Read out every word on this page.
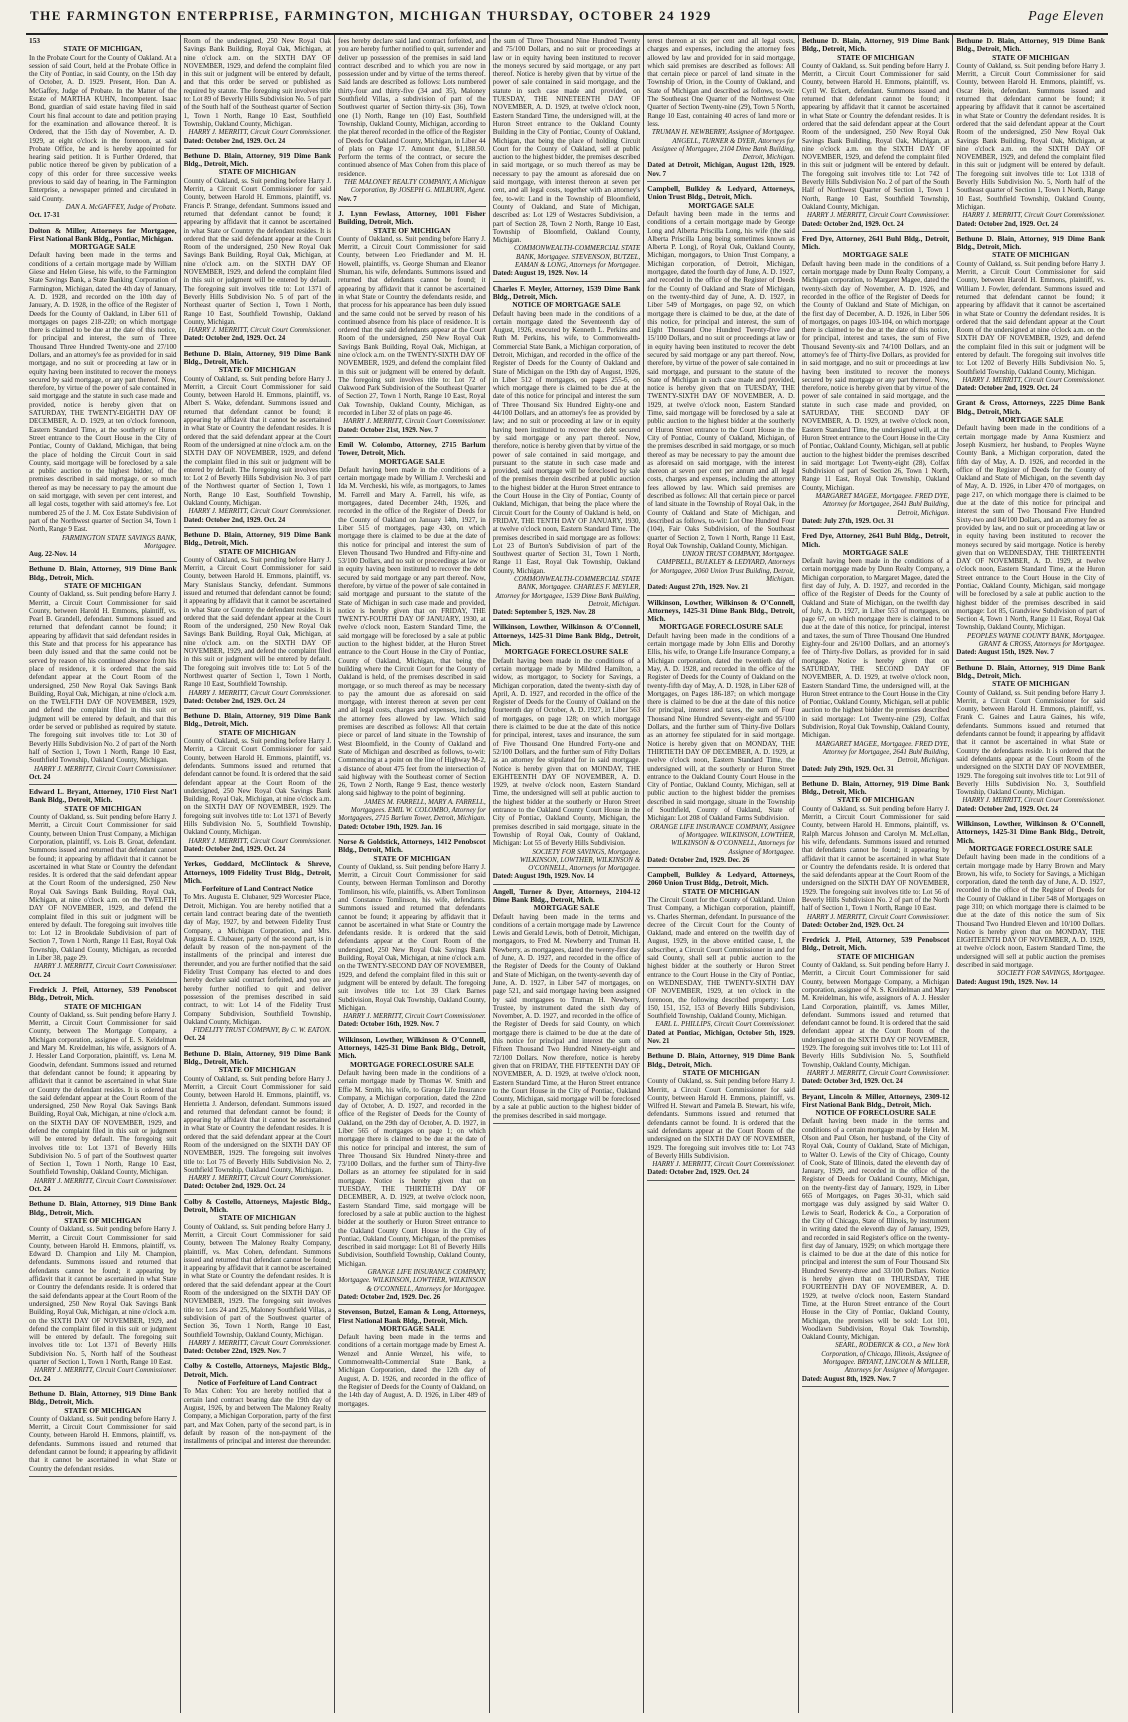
THE FARMINGTON ENTERPRISE, FARMINGTON, MICHIGAN THURSDAY, OCTOBER 24 1929	Page Eleven
153
STATE OF MICHIGAN,
In the Probate Court for the County of Oakland. At a session of said Court, held at the Probate Office in the City of Pontiac, in said County, on the 15th day of October, A. D. 1929. Present, Hon. Dan A. McGaffey, Judge of Probate. In the Matter of the Estate of MARTHA KUHN, Incompetent. Isaac Bond, guardian of said estate having filed in said Court his final account to date and petition praying for the examination and allowance thereof. It is Ordered, that the 15th day of November, A. D. 1929, at eight o'clock in the forenoon, at said Probate Office, be and is hereby appointed for hearing said petition. It is Further Ordered, that public notice thereof be given by publication of a copy of this order for three successive weeks previous to said day of hearing, in The Farmington Enterprise, a newspaper printed and circulated in said County.
DAN A. McGAFFEY, Judge of Probate.
Oct. 17-31
Dolton & Miller, Attorneys for Mortgagee, First National Bank Bldg., Pontiac, Michigan.
MORTGAGE SALE
Default having been made in the terms and conditions of a certain mortgage made by William Giese and Helen Giese, his wife, to the Farmington State Savings Bank, a State Banking Corporation of Farmington, Michigan, dated the 4th day of January, A. D. 1928, and recorded on the 10th day of January, A. D. 1928, in the office of the Register of Deeds for the County of Oakland, in Liber 611 of mortgages on pages 218-220; on which mortgage there is claimed to be due at the date of this notice, for principal and interest, the sum of Three Thousand Three Hundred Twenty-one and 27/100 Dollars, and an attorney's fee as provided for in said mortgage, and no suit or proceeding at law or in equity having been instituted to recover the moneys secured by said mortgage, or any part thereof. Now, therefore, by virtue of the power of sale contained in said mortgage and the statute in such case made and provided, notice is hereby given that on SATURDAY, THE TWENTY-EIGHTH DAY OF DECEMBER, A. D. 1929, at ten o'clock forenoon, Eastern Standard Time, at the southerly or Huron Street entrance to the Court House in the City of Pontiac, County of Oakland, Michigan, that being the place of holding the Circuit Court in said County, said mortgage will be foreclosed by a sale at public auction to the highest bidder, of the premises described in said mortgage, or so much thereof as may be necessary to pay the amount due on said mortgage, with seven per cent interest, and all legal costs, together with said attorney's fee. Lot numbered 25 of the J. M. Cox Estate Subdivision of part of the Northwest quarter of Section 34, Town 1 North, Range 9 East.
FARMINGTON STATE SAVINGS BANK, Mortgagee.
Aug. 22-Nov. 14
Bethune D. Blain, Attorney, 919 Dime Bank Bldg., Detroit, Mich.
STATE OF MICHIGAN
County of Oakland, ss. Suit pending before Harry J. Merritt, a Circuit Court Commissioner for said County, between Harold H. Emmons, plaintiff, vs. Pearl B. Grandell, defendant. Summons issued and returned that defendant cannot be found; it appearing by affidavit that said defendant resides in this State and that process for his appearance has been duly issued and that the same could not be served by reason of his continued absence from his place of residence, it is ordered that the said defendant appear at the Court Room of the undersigned, 250 New Royal Oak Savings Bank Building, Royal Oak, Michigan, at nine o'clock a.m. on the TWELFTH DAY OF NOVEMBER, 1929, and defend the complaint filed in this suit or judgment will be entered by default, and that this order be served or published as required by statute. The foregoing suit involves title to: Lot 30 of Beverly Hills Subdivision No. 2 of part of the North half of Section 1, Town 1 North, Range 10 East, Southfield Township, Oakland County, Michigan.
HARRY J. MERRITT, Circuit Court Commissioner.
Oct. 24
Edward L. Bryant, Attorney, 1710 First Nat'l Bank Bldg., Detroit, Mich.
STATE OF MICHIGAN
County of Oakland, ss. Suit pending before Harry J. Merritt, a Circuit Court Commissioner for said County, between Union Trust Company, a Michigan Corporation, plaintiff, vs. Lois B. Groat, defendant. Summons issued and returned that defendant cannot be found; it appearing by affidavit that it cannot be ascertained in what State or Country the defendant resides. It is ordered that the said defendant appear at the Court Room of the undersigned, 250 New Royal Oak Savings Bank Building, Royal Oak, Michigan, at nine o'clock a.m. on the TWELFTH DAY OF NOVEMBER, 1929, and defend the complaint filed in this suit or judgment will be entered by default. The foregoing suit involves title to: Lot 12 in Brookdale Subdivision of part of Section 7, Town 1 North, Range 11 East, Royal Oak Township, Oakland County, Michigan, as recorded in Liber 38, page 29.
HARRY J. MERRITT, Circuit Court Commissioner.
Oct. 24
Fredrick J. Pfeil, Attorney, 539 Penobscot Bldg., Detroit, Mich.
STATE OF MICHIGAN
County of Oakland, ss. Suit pending before Harry J. Merritt, a Circuit Court Commissioner for said County, between The Mortgage Company, a Michigan corporation, assignee of E. S. Keidelman and Mary M. Kreidelman, his wife, assignors of A. J. Hessler Land Corporation, plaintiff, vs. Lena M. Goodwin, defendant. Summons issued and returned that defendant cannot be found; it appearing by affidavit that it cannot be ascertained in what State or Country the defendant resides. It is ordered that the said defendant appear at the Court Room of the undersigned, 250 New Royal Oak Savings Bank Building, Royal Oak, Michigan, at nine o'clock a.m. on the SIXTH DAY OF NOVEMBER, 1929, and defend the complaint filed in this suit or judgment will be entered by default. The foregoing suit involves title to: Lot 1371 of Beverly Hills Subdivision No. 5 of part of the Southwest quarter of Section 1, Town 1 North, Range 10 East, Southfield Township, Oakland County, Michigan.
HARRY J. MERRITT, Circuit Court Commissioner.
Oct. 24
Bethune D. Blain, Attorney, 919 Dime Bank Bldg., Detroit, Mich.
STATE OF MICHIGAN
County of Oakland, ss. Suit pending before Harry J. Merritt, a Circuit Court Commissioner for said County, between Harold H. Emmons, plaintiff, vs. Edward D. Champion and Lily M. Champion, defendants. Summons issued and returned that defendants cannot be found; it appearing by affidavit that it cannot be ascertained in what State or Country the defendants reside. It is ordered that the said defendants appear at the Court Room of the undersigned, 250 New Royal Oak Savings Bank Building, Royal Oak, Michigan, at nine o'clock a.m. on the SIXTH DAY OF NOVEMBER, 1929, and defend the complaint filed in this suit or judgment will be entered by default. The foregoing suit involves title to: Lot 1371 of Beverly Hills Subdivision No. 5, North half of the Southeast quarter of Section 1, Town 1 North, Range 10 East.
HARRY J. MERRITT, Circuit Court Commissioner.
Oct. 24
Bethune D. Blain, Attorney, 919 Dime Bank Bldg., Detroit, Mich.
STATE OF MICHIGAN
County of Oakland, ss. Suit pending before Harry J. Merritt, a Circuit Court Commissioner for said County, between Harold H. Emmons, plaintiff, vs. defendants. Summons issued and returned that defendant cannot be found; it appearing by affidavit that it cannot be ascertained in what State or Country the defendant resides.
Room of the undersigned, 250 New Royal Oak Savings Bank Building, Royal Oak, Michigan, at nine o'clock a.m. on the SIXTH DAY OF NOVEMBER, 1929, and defend the complaint filed in this suit or judgment will be entered by default, and that this order be served or published as required by statute. The foregoing suit involves title to: Lot 89 of Beverly Hills Subdivision No. 5 of part of the South half of the Southeast quarter of Section 1, Town 1 North, Range 10 East, Southfield Township, Oakland County, Michigan.
HARRY J. MERRITT, Circuit Court Commissioner.
Dated: October 2nd, 1929. Oct. 24
Bethune D. Blain, Attorney, 919 Dime Bank Bldg., Detroit, Mich.
STATE OF MICHIGAN
County of Oakland, ss. Suit pending before Harry J. Merritt, a Circuit Court Commissioner for said County, between Harold H. Emmons, plaintiff, vs. Francis P. Strange, defendant. Summons issued and returned that defendant cannot be found; it appearing by affidavit that it cannot be ascertained in what State or Country the defendant resides. It is ordered that the said defendant appear at the Court Room of the undersigned, 250 New Royal Oak Savings Bank Building, Royal Oak, Michigan, at nine o'clock a.m. on the SIXTH DAY OF NOVEMBER, 1929, and defend the complaint filed in this suit or judgment will be entered by default. The foregoing suit involves title to: Lot 1371 of Beverly Hills Subdivision No. 5 of part of the Northeast quarter of Section 1, Town 1 North, Range 10 East, Southfield Township, Oakland County, Michigan.
HARRY J. MERRITT, Circuit Court Commissioner.
Dated: October 2nd, 1929. Oct. 24
Bethune D. Blain, Attorney, 919 Dime Bank Bldg., Detroit, Mich.
STATE OF MICHIGAN
County of Oakland, ss. Suit pending before Harry J. Merritt, a Circuit Court Commissioner for said County, between Harold H. Emmons, plaintiff, vs. Albert S. Wake, defendant. Summons issued and returned that defendant cannot be found; it appearing by affidavit that it cannot be ascertained in what State or Country the defendant resides. It is ordered that the said defendant appear at the Court Room of the undersigned at nine o'clock a.m. on the SIXTH DAY OF NOVEMBER, 1929, and defend the complaint filed in this suit or judgment will be entered by default. The foregoing suit involves title to: Lot 2 of Beverly Hills Subdivision No. 3 of part of the Northwest quarter of Section 1, Town 1 North, Range 10 East, Southfield Township, Oakland County, Michigan.
HARRY J. MERRITT, Circuit Court Commissioner.
Dated: October 2nd, 1929. Oct. 24
Bethune D. Blain, Attorney, 919 Dime Bank Bldg., Detroit, Mich.
STATE OF MICHIGAN
County of Oakland, ss. Suit pending before Harry J. Merritt, a Circuit Court Commissioner for said County, between Harold H. Emmons, plaintiff, vs. Mary Stanislaus Stancky, defendant. Summons issued and returned that defendant cannot be found; it appearing by affidavit that it cannot be ascertained in what State or Country the defendant resides. It is ordered that the said defendant appear at the Court Room of the undersigned, 250 New Royal Oak Savings Bank Building, Royal Oak, Michigan, at nine o'clock a.m. on the SIXTH DAY OF NOVEMBER, 1929, and defend the complaint filed in this suit or judgment will be entered by default. The foregoing suit involves title to: Lot 5 of the Northwest quarter of Section 1, Town 1 North, Range 10 East, Southfield Township.
HARRY J. MERRITT, Circuit Court Commissioner.
Dated: October 2nd, 1929. Oct. 24
Bethune D. Blain, Attorney, 919 Dime Bank Bldg., Detroit, Mich.
STATE OF MICHIGAN
County of Oakland, ss. Suit pending before Harry J. Merritt, a Circuit Court Commissioner for said County, between Harold H. Emmons, plaintiff, vs. defendants. Summons issued and returned that defendant cannot be found. It is ordered that the said defendant appear at the Court Room of the undersigned, 250 New Royal Oak Savings Bank Building, Royal Oak, Michigan, at nine o'clock a.m. on the SIXTH DAY OF NOVEMBER, 1929. The foregoing suit involves title to: Lot 1371 of Beverly Hills Subdivision No. 5, Southfield Township, Oakland County, Michigan.
HARRY J. MERRITT, Circuit Court Commissioner.
Dated: October 2nd, 1929. Oct. 24
Yerkes, Goddard, McClintock & Shreve, Attorneys, 1009 Fidelity Trust Bldg., Detroit, Mich.
Forfeiture of Land Contract Notice
To Mrs. Augusta E. Clubauer, 929 Worcester Place, Detroit, Michigan. You are hereby notified that a certain land contract bearing date of the twentieth day of May, 1927, by and between Fidelity Trust Company, a Michigan Corporation, and Mrs. Augusta E. Clubauer, party of the second part, is in default by reason of the non-payment of the installments of the principal and interest due thereunder, and you are further notified that the said Fidelity Trust Company has elected to and does hereby declare said contract forfeited, and you are hereby further notified to quit and deliver possession of the premises described in said contract, to wit: Lot 14 of the Fidelity Trust Company Subdivision, Southfield Township, Oakland County, Michigan.
FIDELITY TRUST COMPANY, By C. W. EATON.
Oct. 24
Bethune D. Blain, Attorney, 919 Dime Bank Bldg., Detroit, Mich.
STATE OF MICHIGAN
County of Oakland, ss. Suit pending before Harry J. Merritt, a Circuit Court Commissioner for said County, between Harold H. Emmons, plaintiff, vs. Henrietta J. Anderson, defendant. Summons issued and returned that defendant cannot be found; it appearing by affidavit that it cannot be ascertained in what State or Country the defendant resides. It is ordered that the said defendant appear at the Court Room of the undersigned on the SIXTH DAY OF NOVEMBER, 1929. The foregoing suit involves title to: Lot 75 of Beverly Hills Subdivision No. 2, Southfield Township, Oakland County, Michigan.
HARRY J. MERRITT, Circuit Court Commissioner.
Dated: October 2nd, 1929. Oct. 24
Colby & Costello, Attorneys, Majestic Bldg., Detroit, Mich.
STATE OF MICHIGAN
County of Oakland, ss. Suit pending before Harry J. Merritt, a Circuit Court Commissioner for said County, between The Maloney Realty Company, plaintiff, vs. Max Cohen, defendant. Summons issued and returned that defendant cannot be found; it appearing by affidavit that it cannot be ascertained in what State or Country the defendant resides. It is ordered that the said defendant appear at the Court Room of the undersigned on the SIXTH DAY OF NOVEMBER, 1929. The foregoing suit involves title to: Lots 24 and 25, Maloney Southfield Villas, a subdivision of part of the Southwest quarter of Section 36, Town 1 North, Range 10 East, Southfield Township, Oakland County, Michigan.
HARRY J. MERRITT, Circuit Court Commissioner.
Dated: October 22nd, 1929. Nov. 7
Colby & Costello, Attorneys, Majestic Bldg., Detroit, Mich.
Notice of Forfeiture of Land Contract
To Max Cohen: You are hereby notified that a certain land contract bearing date the 19th day of August, 1926, by and between The Maloney Realty Company, a Michigan Corporation, party of the first part, and Max Cohen, party of the second part, is in default by reason of the non-payment of the installments of principal and interest due thereunder.
fees hereby declare said land contract forfeited, and you are hereby further notified to quit, surrender and deliver up possession of the premises in said land contract described and to which you are now in possession under and by virtue of the terms thereof. Said lands are described as follows: Lots numbered thirty-four and thirty-five (34 and 35), Maloney Southfield Villas, a subdivision of part of the Southwest quarter of Section thirty-six (36), Town one (1) North, Range ten (10) East, Southfield Township, Oakland County, Michigan, according to the plat thereof recorded in the office of the Register of Deeds for Oakland County, Michigan, in Liber 44 of plats on Page 17. Amount due, $1,188.50. Perform the terms of the contract, or secure the continued absence of Max Cohen from this place of residence.
THE MALONEY REALTY COMPANY, A Michigan Corporation, By JOSEPH G. MILBURN, Agent.
Nov. 7
J. Lynn Fewlass, Attorney, 1001 Fisher Building, Detroit, Mich.
STATE OF MICHIGAN
County of Oakland, ss. Suit pending before Harry J. Merritt, a Circuit Court Commissioner for said County, between Leo Friedlander and M. H. Howell, plaintiffs, vs. George Shuman and Eleanor Shuman, his wife, defendants. Summons issued and returned that defendants cannot be found; it appearing by affidavit that it cannot be ascertained in what State or Country the defendants reside, and that process for his appearance has been duly issued and the same could not be served by reason of his continued absence from his place of residence. It is ordered that the said defendants appear at the Court Room of the undersigned, 250 New Royal Oak Savings Bank Building, Royal Oak, Michigan, at nine o'clock a.m. on the TWENTY-SIXTH DAY OF NOVEMBER, 1929, and defend the complaint filed in this suit or judgment will be entered by default. The foregoing suit involves title to: Lot 72 of Oakwood Park Subdivision of the Southeast Quarter of Section 27, Town 1 North, Range 10 East, Royal Oak Township, Oakland County, Michigan, as recorded in Liber 32 of plats on page 46.
HARRY J. MERRITT, Circuit Court Commissioner.
Dated: October 21st, 1929. Nov. 7
Emil W. Colombo, Attorney, 2715 Barlum Tower, Detroit, Mich.
MORTGAGE SALE
Default having been made in the conditions of a certain mortgage made by William J. Vercheski and Ida M. Vercheski, his wife, as mortgagors, to James M. Farrell and Mary A. Farrell, his wife, as mortgagees, dated December 24th, 1926, and recorded in the office of the Register of Deeds for the County of Oakland on January 14th, 1927, in Liber 515 of mortgages, page 430, on which mortgage there is claimed to be due at the date of this notice for principal and interest the sum of Eleven Thousand Two Hundred and Fifty-nine and 53/100 Dollars, and no suit or proceedings at law or in equity having been instituted to recover the debt secured by said mortgage or any part thereof. Now, therefore, by virtue of the power of sale contained in said mortgage and pursuant to the statute of the State of Michigan in such case made and provided, notice is hereby given that on FRIDAY, THE TWENTY-FOURTH DAY OF JANUARY, 1930, at twelve o'clock noon, Eastern Standard Time, the said mortgage will be foreclosed by a sale at public auction to the highest bidder, at the Huron Street entrance to the Court House in the City of Pontiac, County of Oakland, Michigan, that being the building where the Circuit Court for the County of Oakland is held, of the premises described in said mortgage, or so much thereof as may be necessary to pay the amount due as aforesaid on said mortgage, with interest thereon at seven per cent and all legal costs, charges and expenses, including the attorney fees allowed by law. Which said premises are described as follows: All that certain piece or parcel of land situate in the Township of West Bloomfield, in the County of Oakland and State of Michigan and described as follows, to-wit: Commencing at a point on the line of Highway M-2, a distance of about 475 feet from the intersection of said highway with the Southeast corner of Section 26, Town 2 North, Range 9 East, thence westerly along said highway to the point of beginning.
JAMES M. FARRELL, MARY A. FARRELL, Mortgagees. EMIL W. COLOMBO, Attorney for Mortgagees, 2715 Barlum Tower, Detroit, Michigan.
Dated: October 19th, 1929. Jan. 16
Norse & Goldstick, Attorneys, 1412 Penobscot Bldg., Detroit, Mich.
STATE OF MICHIGAN
County of Oakland, ss. Suit pending before Harry J. Merritt, a Circuit Court Commissioner for said County, between Herman Tomlinson and Dorothy Tomlinson, his wife, plaintiffs, vs. Albert Tomlinson and Constance Tomlinson, his wife, defendants. Summons issued and returned that defendants cannot be found; it appearing by affidavit that it cannot be ascertained in what State or Country the defendants reside. It is ordered that the said defendants appear at the Court Room of the undersigned, 250 New Royal Oak Savings Bank Building, Royal Oak, Michigan, at nine o'clock a.m. on the TWENTY-SECOND DAY OF NOVEMBER, 1929, and defend the complaint filed in this suit or judgment will be entered by default. The foregoing suit involves title to: Lot 39 Clark Barnes Subdivision, Royal Oak Township, Oakland County, Michigan.
HARRY J. MERRITT, Circuit Court Commissioner.
Dated: October 16th, 1929. Nov. 7
Wilkinson, Lowther, Wilkinson & O'Connell, Attorneys, 1425-31 Dime Bank Bldg., Detroit, Mich.
MORTGAGE FORECLOSURE SALE
Default having been made in the conditions of a certain mortgage made by Thomas W. Smith and Effie M. Smith, his wife, to Grange Life Insurance Company, a Michigan corporation, dated the 22nd day of October, A. D. 1927, and recorded in the office of the Register of Deeds for the County of Oakland, on the 29th day of October, A. D. 1927, in Liber 565 of mortgages on page 1; on which mortgage there is claimed to be due at the date of this notice for principal and interest, the sum of Three Thousand Six Hundred Ninety-three and 73/100 Dollars, and the further sum of Thirty-five Dollars as an attorney fee stipulated for in said mortgage. Notice is hereby given that on TUESDAY, THE THIRTIETH DAY OF DECEMBER, A. D. 1929, at twelve o'clock noon, Eastern Standard Time, said mortgage will be foreclosed by a sale at public auction to the highest bidder at the southerly or Huron Street entrance to the Oakland County Court House in the City of Pontiac, Oakland County, Michigan, of the premises described in said mortgage: Lot 81 of Beverly Hills Subdivision, Southfield Township, Oakland County, Michigan.
GRANGE LIFE INSURANCE COMPANY, Mortgagee. WILKINSON, LOWTHER, WILKINSON & O'CONNELL, Attorneys for Mortgagee.
Dated: October 2nd, 1929. Dec. 26
Stevenson, Butzel, Eaman & Long, Attorneys, First National Bank Bldg., Detroit, Mich.
MORTGAGE SALE
Default having been made in the terms and conditions of a certain mortgage made by Ernest A. Wenzel and Annie Wenzel, his wife, to Commonwealth-Commercial State Bank, a Michigan Corporation, dated the 12th day of August, A. D. 1926, and recorded in the office of the Register of Deeds for the County of Oakland, on the 14th day of August, A. D. 1926, in Liber 489 of mortgages.
the sum of Three Thousand Nine Hundred Twenty and 75/100 Dollars, and no suit or proceedings at law or in equity having been instituted to recover the moneys secured by said mortgage, or any part thereof. Notice is hereby given that by virtue of the power of sale contained in said mortgage, and the statute in such case made and provided, on TUESDAY, THE NINETEENTH DAY OF NOVEMBER, A. D. 1929, at twelve o'clock noon, Eastern Standard Time, the undersigned will, at the Huron Street entrance to the Oakland County Building in the City of Pontiac, County of Oakland, Michigan, that being the place of holding Circuit Court for the County of Oakland, sell at public auction to the highest bidder, the premises described in said mortgage, or so much thereof as may be necessary to pay the amount as aforesaid due on said mortgage, with interest thereon at seven per cent, and all legal costs, together with an attorney's fee, to-wit: Land in the Township of Bloomfield, County of Oakland, and State of Michigan, described as: Lot 129 of Westacres Subdivision, a part of Section 28, Town 2 North, Range 10 East, Township of Bloomfield, Oakland County, Michigan.
COMMONWEALTH-COMMERCIAL STATE BANK, Mortgagee. STEVENSON, BUTZEL, EAMAN & LONG, Attorneys for Mortgagee.
Dated: August 19, 1929. Nov. 14
Charles F. Meyler, Attorney, 1539 Dime Bank Bldg., Detroit, Mich.
NOTICE OF MORTGAGE SALE
Default having been made in the conditions of a certain mortgage dated the Seventeenth day of August, 1926, executed by Kenneth L. Perkins and Ruth M. Perkins, his wife, to Commonwealth-Commercial State Bank, a Michigan corporation, of Detroit, Michigan, and recorded in the office of the Register of Deeds for the County of Oakland and State of Michigan on the 19th day of August, 1926, in Liber 512 of mortgages, on pages 255-6, on which mortgage there is claimed to be due at the date of this notice for principal and interest the sum of Three Thousand Six Hundred Eighty-one and 44/100 Dollars, and an attorney's fee as provided by law; and no suit or proceeding at law or in equity having been instituted to recover the debt secured by said mortgage or any part thereof. Now, therefore, notice is hereby given that by virtue of the power of sale contained in said mortgage, and pursuant to the statute in such case made and provided, said mortgage will be foreclosed by sale of the premises therein described at public auction to the highest bidder at the Huron Street entrance to the Court House in the City of Pontiac, County of Oakland, Michigan, that being the place where the Circuit Court for the County of Oakland is held, on FRIDAY, THE TENTH DAY OF JANUARY, 1930, at twelve o'clock noon, Eastern Standard Time. The premises described in said mortgage are as follows: Lot 23 of Burton's Subdivision of part of the Southwest quarter of Section 31, Town 1 North, Range 11 East, Royal Oak Township, Oakland County, Michigan.
COMMONWEALTH-COMMERCIAL STATE BANK, Mortgagee. CHARLES F. MEYLER, Attorney for Mortgagee, 1539 Dime Bank Building, Detroit, Michigan.
Dated: September 5, 1929. Nov. 28
Wilkinson, Lowther, Wilkinson & O'Connell, Attorneys, 1425-31 Dime Bank Bldg., Detroit, Mich.
MORTGAGE FORECLOSURE SALE
Default having been made in the conditions of a certain mortgage made by Mildred Hamilton, a widow, as mortgagor, to Society for Savings, a Michigan corporation, dated the twenty-sixth day of April, A. D. 1927, and recorded in the office of the Register of Deeds for the County of Oakland on the fourteenth day of October, A. D. 1927, in Liber 563 of mortgages, on page 128; on which mortgage there is claimed to be due at the date of this notice for principal, interest, taxes and insurance, the sum of Five Thousand One Hundred Forty-one and 52/100 Dollars, and the further sum of Fifty Dollars as an attorney fee stipulated for in said mortgage. Notice is hereby given that on MONDAY, THE EIGHTEENTH DAY OF NOVEMBER, A. D. 1929, at twelve o'clock noon, Eastern Standard Time, the undersigned will sell at public auction to the highest bidder at the southerly or Huron Street entrance to the Oakland County Court House in the City of Pontiac, Oakland County, Michigan, the premises described in said mortgage, situate in the Township of Royal Oak, County of Oakland, Michigan: Lot 55 of Beverly Hills Subdivision.
SOCIETY FOR SAVINGS, Mortgagee. WILKINSON, LOWTHER, WILKINSON & O'CONNELL, Attorneys for Mortgagee.
Dated: August 19th, 1929. Nov. 14
Angell, Turner & Dyer, Attorneys, 2104-12 Dime Bank Bldg., Detroit, Mich.
MORTGAGE SALE
Default having been made in the terms and conditions of a certain mortgage made by Lawrence Lewis and Gerald Lewis, both of Detroit, Michigan, mortgagors, to Fred M. Newberry and Truman H. Newberry, as mortgagees, dated the twenty-first day of June, A. D. 1927, and recorded in the office of the Register of Deeds for the County of Oakland and State of Michigan, on the twenty-seventh day of June, A. D. 1927, in Liber 547 of mortgages, on page 521, and said mortgage having been assigned by said mortgagees to Truman H. Newberry, Trustee, by instrument dated the sixth day of November, A. D. 1927, and recorded in the office of the Register of Deeds for said County, on which mortgage there is claimed to be due at the date of this notice for principal and interest the sum of Fifteen Thousand Two Hundred Ninety-eight and 72/100 Dollars. Now therefore, notice is hereby given that on FRIDAY, THE FIFTEENTH DAY OF NOVEMBER, A. D. 1929, at twelve o'clock noon, Eastern Standard Time, at the Huron Street entrance to the Court House in the City of Pontiac, Oakland County, Michigan, said mortgage will be foreclosed by a sale at public auction to the highest bidder of the premises described in said mortgage.
terest thereon at six per cent and all legal costs, charges and expenses, including the attorney fees allowed by law and provided for in said mortgage, which said premises are described as follows: All that certain piece or parcel of land situate in the Township of Orion, in the County of Oakland, and State of Michigan and described as follows, to-wit: The Southeast One Quarter of the Northwest One Quarter of Section Twenty-nine (29), Town 5 North, Range 10 East, containing 40 acres of land more or less.
TRUMAN H. NEWBERRY, Assignee of Mortgagee. ANGELL, TURNER & DYER, Attorneys for Assignee of Mortgagee, 2104 Dime Bank Building, Detroit, Michigan.
Dated at Detroit, Michigan, August 12th, 1929. Nov. 7
Campbell, Bulkley & Ledyard, Attorneys, Union Trust Bldg., Detroit, Mich.
MORTGAGE SALE
Default having been made in the terms and conditions of a certain mortgage made by George Long and Alberta Priscilla Long, his wife (the said Alberta Priscilla Long being sometimes known as Alberta P. Long), of Royal Oak, Oakland County, Michigan, mortgagors, to Union Trust Company, a Michigan corporation, of Detroit, Michigan, mortgagee, dated the fourth day of June, A. D. 1927, and recorded in the office of the Register of Deeds for the County of Oakland and State of Michigan, on the twenty-third day of June, A. D. 1927, in Liber 549 of Mortgages, on page 92, on which mortgage there is claimed to be due, at the date of this notice, for principal and interest, the sum of Eight Thousand One Hundred Twenty-five and 15/100 Dollars, and no suit or proceedings at law or in equity having been instituted to recover the debt secured by said mortgage or any part thereof. Now, therefore, by virtue of the power of sale contained in said mortgage, and pursuant to the statute of the State of Michigan in such case made and provided, notice is hereby given that on TUESDAY, THE TWENTY-SIXTH DAY OF NOVEMBER, A. D. 1929, at twelve o'clock noon, Eastern Standard Time, said mortgage will be foreclosed by a sale at public auction to the highest bidder at the southerly or Huron Street entrance to the Court House in the City of Pontiac, County of Oakland, Michigan, of the premises described in said mortgage, or so much thereof as may be necessary to pay the amount due as aforesaid on said mortgage, with the interest thereon at seven per cent per annum and all legal costs, charges and expenses, including the attorney fees allowed by law. Which said premises are described as follows: All that certain piece or parcel of land situate in the Township of Royal Oak, in the County of Oakland and State of Michigan, and described as follows, to-wit: Lot One Hundred Four (104), Fair Oaks Subdivision, of the Southeast quarter of Section 2, Town 1 North, Range 11 East, Royal Oak Township, Oakland County, Michigan.
UNION TRUST COMPANY, Mortgagee. CAMPBELL, BULKLEY & LEDYARD, Attorneys for Mortgagee, 2060 Union Trust Building, Detroit, Michigan.
Dated: August 27th, 1929. Nov. 21
Wilkinson, Lowther, Wilkinson & O'Connell, Attorneys, 1425-31 Dime Bank Bldg., Detroit, Mich.
MORTGAGE FORECLOSURE SALE
Default having been made in the conditions of a certain mortgage made by John Ellis and Dorothy Ellis, his wife, to Orange Life Insurance Company, a Michigan corporation, dated the twentieth day of May, A. D. 1928, and recorded in the office of the Register of Deeds for the County of Oakland on the twenty-fifth day of May, A. D. 1928, in Liber 628 of Mortgages, on Pages 186-187; on which mortgage there is claimed to be due at the date of this notice for principal, interest and taxes, the sum of Four Thousand Nine Hundred Seventy-eight and 95/100 Dollars, and the further sum of Thirty-five Dollars as an attorney fee stipulated for in said mortgage. Notice is hereby given that on MONDAY, THE THIRTIETH DAY OF DECEMBER, A. D. 1929, at twelve o'clock noon, Eastern Standard Time, the undersigned will, at the southerly or Huron Street entrance to the Oakland County Court House in the City of Pontiac, Oakland County, Michigan, sell at public auction to the highest bidder the premises described in said mortgage, situate in the Township of Southfield, County of Oakland, State of Michigan: Lot 208 of Oakland Farms Subdivision.
ORANGE LIFE INSURANCE COMPANY, Assignee of Mortgagee. WILKINSON, LOWTHER, WILKINSON & O'CONNELL, Attorneys for Assignee of Mortgagee.
Dated: October 2nd, 1929. Dec. 26
Campbell, Bulkley & Ledyard, Attorneys, 2060 Union Trust Bldg., Detroit, Mich.
STATE OF MICHIGAN
The Circuit Court for the County of Oakland. Union Trust Company, a Michigan corporation, plaintiff, vs. Charles Sherman, defendant. In pursuance of the decree of the Circuit Court for the County of Oakland, made and entered on the twelfth day of August, 1929, in the above entitled cause, I, the subscriber, a Circuit Court Commissioner in and for said County, shall sell at public auction to the highest bidder at the southerly or Huron Street entrance to the Court House in the City of Pontiac, on WEDNESDAY, THE TWENTY-SIXTH DAY OF NOVEMBER, 1929, at ten o'clock in the forenoon, the following described property: Lots 150, 151, 152, 153 of Beverly Hills Subdivision, Southfield Township, Oakland County, Michigan.
EARL L. PHILLIPS, Circuit Court Commissioner.
Dated at Pontiac, Michigan, October 5th, 1929. Nov. 21
Bethune D. Blain, Attorney, 919 Dime Bank Bldg., Detroit, Mich.
STATE OF MICHIGAN
County of Oakland, ss. Suit pending before Harry J. Merritt, a Circuit Court Commissioner for said County, between Harold H. Emmons, plaintiff, vs. Wilfred H. Stewart and Pamela B. Stewart, his wife, defendants. Summons issued and returned that defendants cannot be found. It is ordered that the said defendants appear at the Court Room of the undersigned on the SIXTH DAY OF NOVEMBER, 1929. The foregoing suit involves title to: Lot 743 of Beverly Hills Subdivision.
HARRY J. MERRITT, Circuit Court Commissioner.
Dated: October 2nd, 1929. Oct. 24
Bethune D. Blain, Attorney, 919 Dime Bank Bldg., Detroit, Mich.
STATE OF MICHIGAN
County of Oakland, ss. Suit pending before Harry J. Merritt, a Circuit Court Commissioner for said County, between Harold H. Emmons, plaintiff, vs. Cyril W. Eckert, defendant. Summons issued and returned that defendant cannot be found; it appearing by affidavit that it cannot be ascertained in what State or Country the defendant resides. It is ordered that the said defendant appear at the Court Room of the undersigned, 250 New Royal Oak Savings Bank Building, Royal Oak, Michigan, at nine o'clock a.m. on the SIXTH DAY OF NOVEMBER, 1929, and defend the complaint filed in this suit or judgment will be entered by default. The foregoing suit involves title to: Lot 742 of Beverly Hills Subdivision No. 2 of part of the South Half of Northwest Quarter of Section 1, Town 1 North, Range 10 East, Southfield Township, Oakland County, Michigan.
HARRY J. MERRITT, Circuit Court Commissioner.
Dated: October 2nd, 1929. Oct. 24
Fred Dye, Attorney, 2641 Buhl Bldg., Detroit, Mich.
MORTGAGE SALE
Default having been made in the conditions of a certain mortgage made by Dunn Realty Company, a Michigan corporation, to Margaret Magee, dated the twenty-sixth day of November, A. D. 1926, and recorded in the office of the Register of Deeds for the County of Oakland and State of Michigan, on the first day of December, A. D. 1926, in Liber 506 of mortgages, on pages 103-104, on which mortgage there is claimed to be due at the date of this notice, for principal, interest and taxes, the sum of Five Thousand Seventy-six and 74/100 Dollars, and an attorney's fee of Thirty-five Dollars, as provided for in said mortgage, and no suit or proceedings at law having been instituted to recover the moneys secured by said mortgage or any part thereof. Now, therefore, notice is hereby given that by virtue of the power of sale contained in said mortgage, and the statute in such case made and provided, on SATURDAY, THE SECOND DAY OF NOVEMBER, A. D. 1929, at twelve o'clock noon, Eastern Standard Time, the undersigned will, at the Huron Street entrance to the Court House in the City of Pontiac, Oakland County, Michigan, sell at public auction to the highest bidder the premises described in said mortgage: Lot Twenty-eight (28), Colfax Subdivision of part of Section 26, Town 1 North, Range 11 East, Royal Oak Township, Oakland County, Michigan.
MARGARET MAGEE, Mortgagee. FRED DYE, Attorney for Mortgagee, 2641 Buhl Building, Detroit, Michigan.
Dated: July 27th, 1929. Oct. 31
Fred Dye, Attorney, 2641 Buhl Bldg., Detroit, Mich.
MORTGAGE SALE
Default having been made in the conditions of a certain mortgage made by Dunn Realty Company, a Michigan corporation, to Margaret Magee, dated the first day of July, A. D. 1927, and recorded in the office of the Register of Deeds for the County of Oakland and State of Michigan, on the twelfth day of July, A. D. 1927, in Liber 553 of mortgages, on page 67, on which mortgage there is claimed to be due at the date of this notice, for principal, interest and taxes, the sum of Three Thousand One Hundred Eighty-four and 26/100 Dollars, and an attorney's fee of Thirty-five Dollars, as provided for in said mortgage. Notice is hereby given that on SATURDAY, THE SECOND DAY OF NOVEMBER, A. D. 1929, at twelve o'clock noon, Eastern Standard Time, the undersigned will, at the Huron Street entrance to the Court House in the City of Pontiac, Oakland County, Michigan, sell at public auction to the highest bidder the premises described in said mortgage: Lot Twenty-nine (29), Colfax Subdivision, Royal Oak Township, Oakland County, Michigan.
MARGARET MAGEE, Mortgagee. FRED DYE, Attorney for Mortgagee, 2641 Buhl Building, Detroit, Michigan.
Dated: July 29th, 1929. Oct. 31
Bethune D. Blain, Attorney, 919 Dime Bank Bldg., Detroit, Mich.
STATE OF MICHIGAN
County of Oakland, ss. Suit pending before Harry J. Merritt, a Circuit Court Commissioner for said County, between Harold H. Emmons, plaintiff, vs. Ralph Marcus Johnson and Carolyn M. McLellan, his wife, defendants. Summons issued and returned that defendants cannot be found; it appearing by affidavit that it cannot be ascertained in what State or Country the defendants reside. It is ordered that the said defendants appear at the Court Room of the undersigned on the SIXTH DAY OF NOVEMBER, 1929. The foregoing suit involves title to: Lot 56 of Beverly Hills Subdivision No. 2 of part of the North half of Section 1, Town 1 North, Range 10 East.
HARRY J. MERRITT, Circuit Court Commissioner.
Dated: October 2nd, 1929. Oct. 24
Fredrick J. Pfeil, Attorney, 539 Penobscot Bldg., Detroit, Mich.
STATE OF MICHIGAN
County of Oakland, ss. Suit pending before Harry J. Merritt, a Circuit Court Commissioner for said County, between Mortgage Company, a Michigan corporation, assignee of N. S. Kreidelman and Mary M. Kreidelman, his wife, assignors of A. J. Hessler Land Corporation, plaintiff, vs. James Miller, defendant. Summons issued and returned that defendant cannot be found. It is ordered that the said defendant appear at the Court Room of the undersigned on the SIXTH DAY OF NOVEMBER, 1929. The foregoing suit involves title to: Lot 111 of Beverly Hills Subdivision No. 5, Southfield Township, Oakland County, Michigan.
HARRY J. MERRITT, Circuit Court Commissioner.
Dated: October 3rd, 1929. Oct. 24
Bryant, Lincoln & Miller, Attorneys, 2309-12 First National Bank Bldg., Detroit, Mich.
NOTICE OF FORECLOSURE SALE
Default having been made in the terms and conditions of a certain mortgage made by Helen M. Olson and Paul Olson, her husband, of the City of Royal Oak, County of Oakland, State of Michigan, to Walter O. Lewis of the City of Chicago, County of Cook, State of Illinois, dated the eleventh day of January, 1929, and recorded in the office of the Register of Deeds for Oakland County, Michigan, on the twenty-first day of January, 1929, in Liber 665 of Mortgages, on Pages 30-31, which said mortgage was duly assigned by said Walter O. Lewis to Searl, Roderick & Co., a Corporation of the City of Chicago, State of Illinois, by instrument in writing dated the eleventh day of January, 1929, and recorded in said Register's office on the twenty-first day of January, 1929; on which mortgage there is claimed to be due at the date of this notice for principal and interest the sum of Four Thousand Six Hundred Seventy-three and 33/100 Dollars. Notice is hereby given that on THURSDAY, THE FOURTEENTH DAY OF NOVEMBER, A. D. 1929, at twelve o'clock noon, Eastern Standard Time, at the Huron Street entrance of the Court House in the City of Pontiac, Oakland County, Michigan, the premises will be sold: Lot 101, Woodlawn Subdivision, Royal Oak Township, Oakland County, Michigan.
SEARL, RODERICK & CO., a New York Corporation, of Chicago, Illinois, Assignee of Mortgagee. BRYANT, LINCOLN & MILLER, Attorneys for Assignee of Mortgagee.
Dated: August 8th, 1929. Nov. 7
Bethune D. Blain, Attorney, 919 Dime Bank Bldg., Detroit, Mich.
STATE OF MICHIGAN
County of Oakland, ss. Suit pending before Harry J. Merritt, a Circuit Court Commissioner for said County, between Harold H. Emmons, plaintiff, vs. Oscar Hein, defendant. Summons issued and returned that defendant cannot be found; it appearing by affidavit that it cannot be ascertained in what State or Country the defendant resides. It is ordered that the said defendant appear at the Court Room of the undersigned, 250 New Royal Oak Savings Bank Building, Royal Oak, Michigan, at nine o'clock a.m. on the SIXTH DAY OF NOVEMBER, 1929, and defend the complaint filed in this suit or judgment will be entered by default. The foregoing suit involves title to: Lot 1318 of Beverly Hills Subdivision No. 5, North half of the Southeast quarter of Section 1, Town 1 North, Range 10 East, Southfield Township, Oakland County, Michigan.
HARRY J. MERRITT, Circuit Court Commissioner.
Dated: October 2nd, 1929. Oct. 24
Bethune D. Blain, Attorney, 919 Dime Bank Bldg., Detroit, Mich.
STATE OF MICHIGAN
County of Oakland, ss. Suit pending before Harry J. Merritt, a Circuit Court Commissioner for said County, between Harold H. Emmons, plaintiff, vs. William J. Fowler, defendant. Summons issued and returned that defendant cannot be found; it appearing by affidavit that it cannot be ascertained in what State or Country the defendant resides. It is ordered that the said defendant appear at the Court Room of the undersigned at nine o'clock a.m. on the SIXTH DAY OF NOVEMBER, 1929, and defend the complaint filed in this suit or judgment will be entered by default. The foregoing suit involves title to: Lot 1202 of Beverly Hills Subdivision No. 5, Southfield Township, Oakland County, Michigan.
HARRY J. MERRITT, Circuit Court Commissioner.
Dated: October 2nd, 1929. Oct. 24
Grant & Cross, Attorneys, 2225 Dime Bank Bldg., Detroit, Mich.
MORTGAGE SALE
Default having been made in the conditions of a certain mortgage made by Anna Kusmierz and Joseph Kusmierz, her husband, to Peoples Wayne County Bank, a Michigan corporation, dated the fifth day of May, A. D. 1926, and recorded in the office of the Register of Deeds for the County of Oakland and State of Michigan, on the seventh day of May, A. D. 1926, in Liber 470 of mortgages, on page 217, on which mortgage there is claimed to be due at the date of this notice for principal and interest the sum of Two Thousand Five Hundred Sixty-two and 84/100 Dollars, and an attorney fee as provided by law, and no suit or proceeding at law or in equity having been instituted to recover the moneys secured by said mortgage. Notice is hereby given that on WEDNESDAY, THE THIRTEENTH DAY OF NOVEMBER, A. D. 1929, at twelve o'clock noon, Eastern Standard Time, at the Huron Street entrance to the Court House in the City of Pontiac, Oakland County, Michigan, said mortgage will be foreclosed by a sale at public auction to the highest bidder of the premises described in said mortgage: Lot 85, Grandview Subdivision of part of Section 4, Town 1 North, Range 11 East, Royal Oak Township, Oakland County, Michigan.
PEOPLES WAYNE COUNTY BANK, Mortgagee. GRANT & CROSS, Attorneys for Mortgagee.
Dated: August 15th, 1929. Nov. 7
Bethune D. Blain, Attorney, 919 Dime Bank Bldg., Detroit, Mich.
STATE OF MICHIGAN
County of Oakland, ss. Suit pending before Harry J. Merritt, a Circuit Court Commissioner for said County, between Harold H. Emmons, plaintiff, vs. Frank C. Gaines and Laura Gaines, his wife, defendants. Summons issued and returned that defendants cannot be found; it appearing by affidavit that it cannot be ascertained in what State or Country the defendants reside. It is ordered that the said defendants appear at the Court Room of the undersigned on the SIXTH DAY OF NOVEMBER, 1929. The foregoing suit involves title to: Lot 911 of Beverly Hills Subdivision No. 3, Southfield Township, Oakland County, Michigan.
HARRY J. MERRITT, Circuit Court Commissioner.
Dated: October 2nd, 1929. Oct. 24
Wilkinson, Lowther, Wilkinson & O'Connell, Attorneys, 1425-31 Dime Bank Bldg., Detroit, Mich.
MORTGAGE FORECLOSURE SALE
Default having been made in the conditions of a certain mortgage made by Harry Brown and Mary Brown, his wife, to Society for Savings, a Michigan corporation, dated the tenth day of June, A. D. 1927, recorded in the office of the Register of Deeds for the County of Oakland in Liber 548 of Mortgages on page 310; on which mortgage there is claimed to be due at the date of this notice the sum of Six Thousand Two Hundred Eleven and 10/100 Dollars. Notice is hereby given that on MONDAY, THE EIGHTEENTH DAY OF NOVEMBER, A. D. 1929, at twelve o'clock noon, Eastern Standard Time, the undersigned will sell at public auction the premises described in said mortgage.
SOCIETY FOR SAVINGS, Mortgagee.
Dated: August 19th, 1929. Nov. 14
